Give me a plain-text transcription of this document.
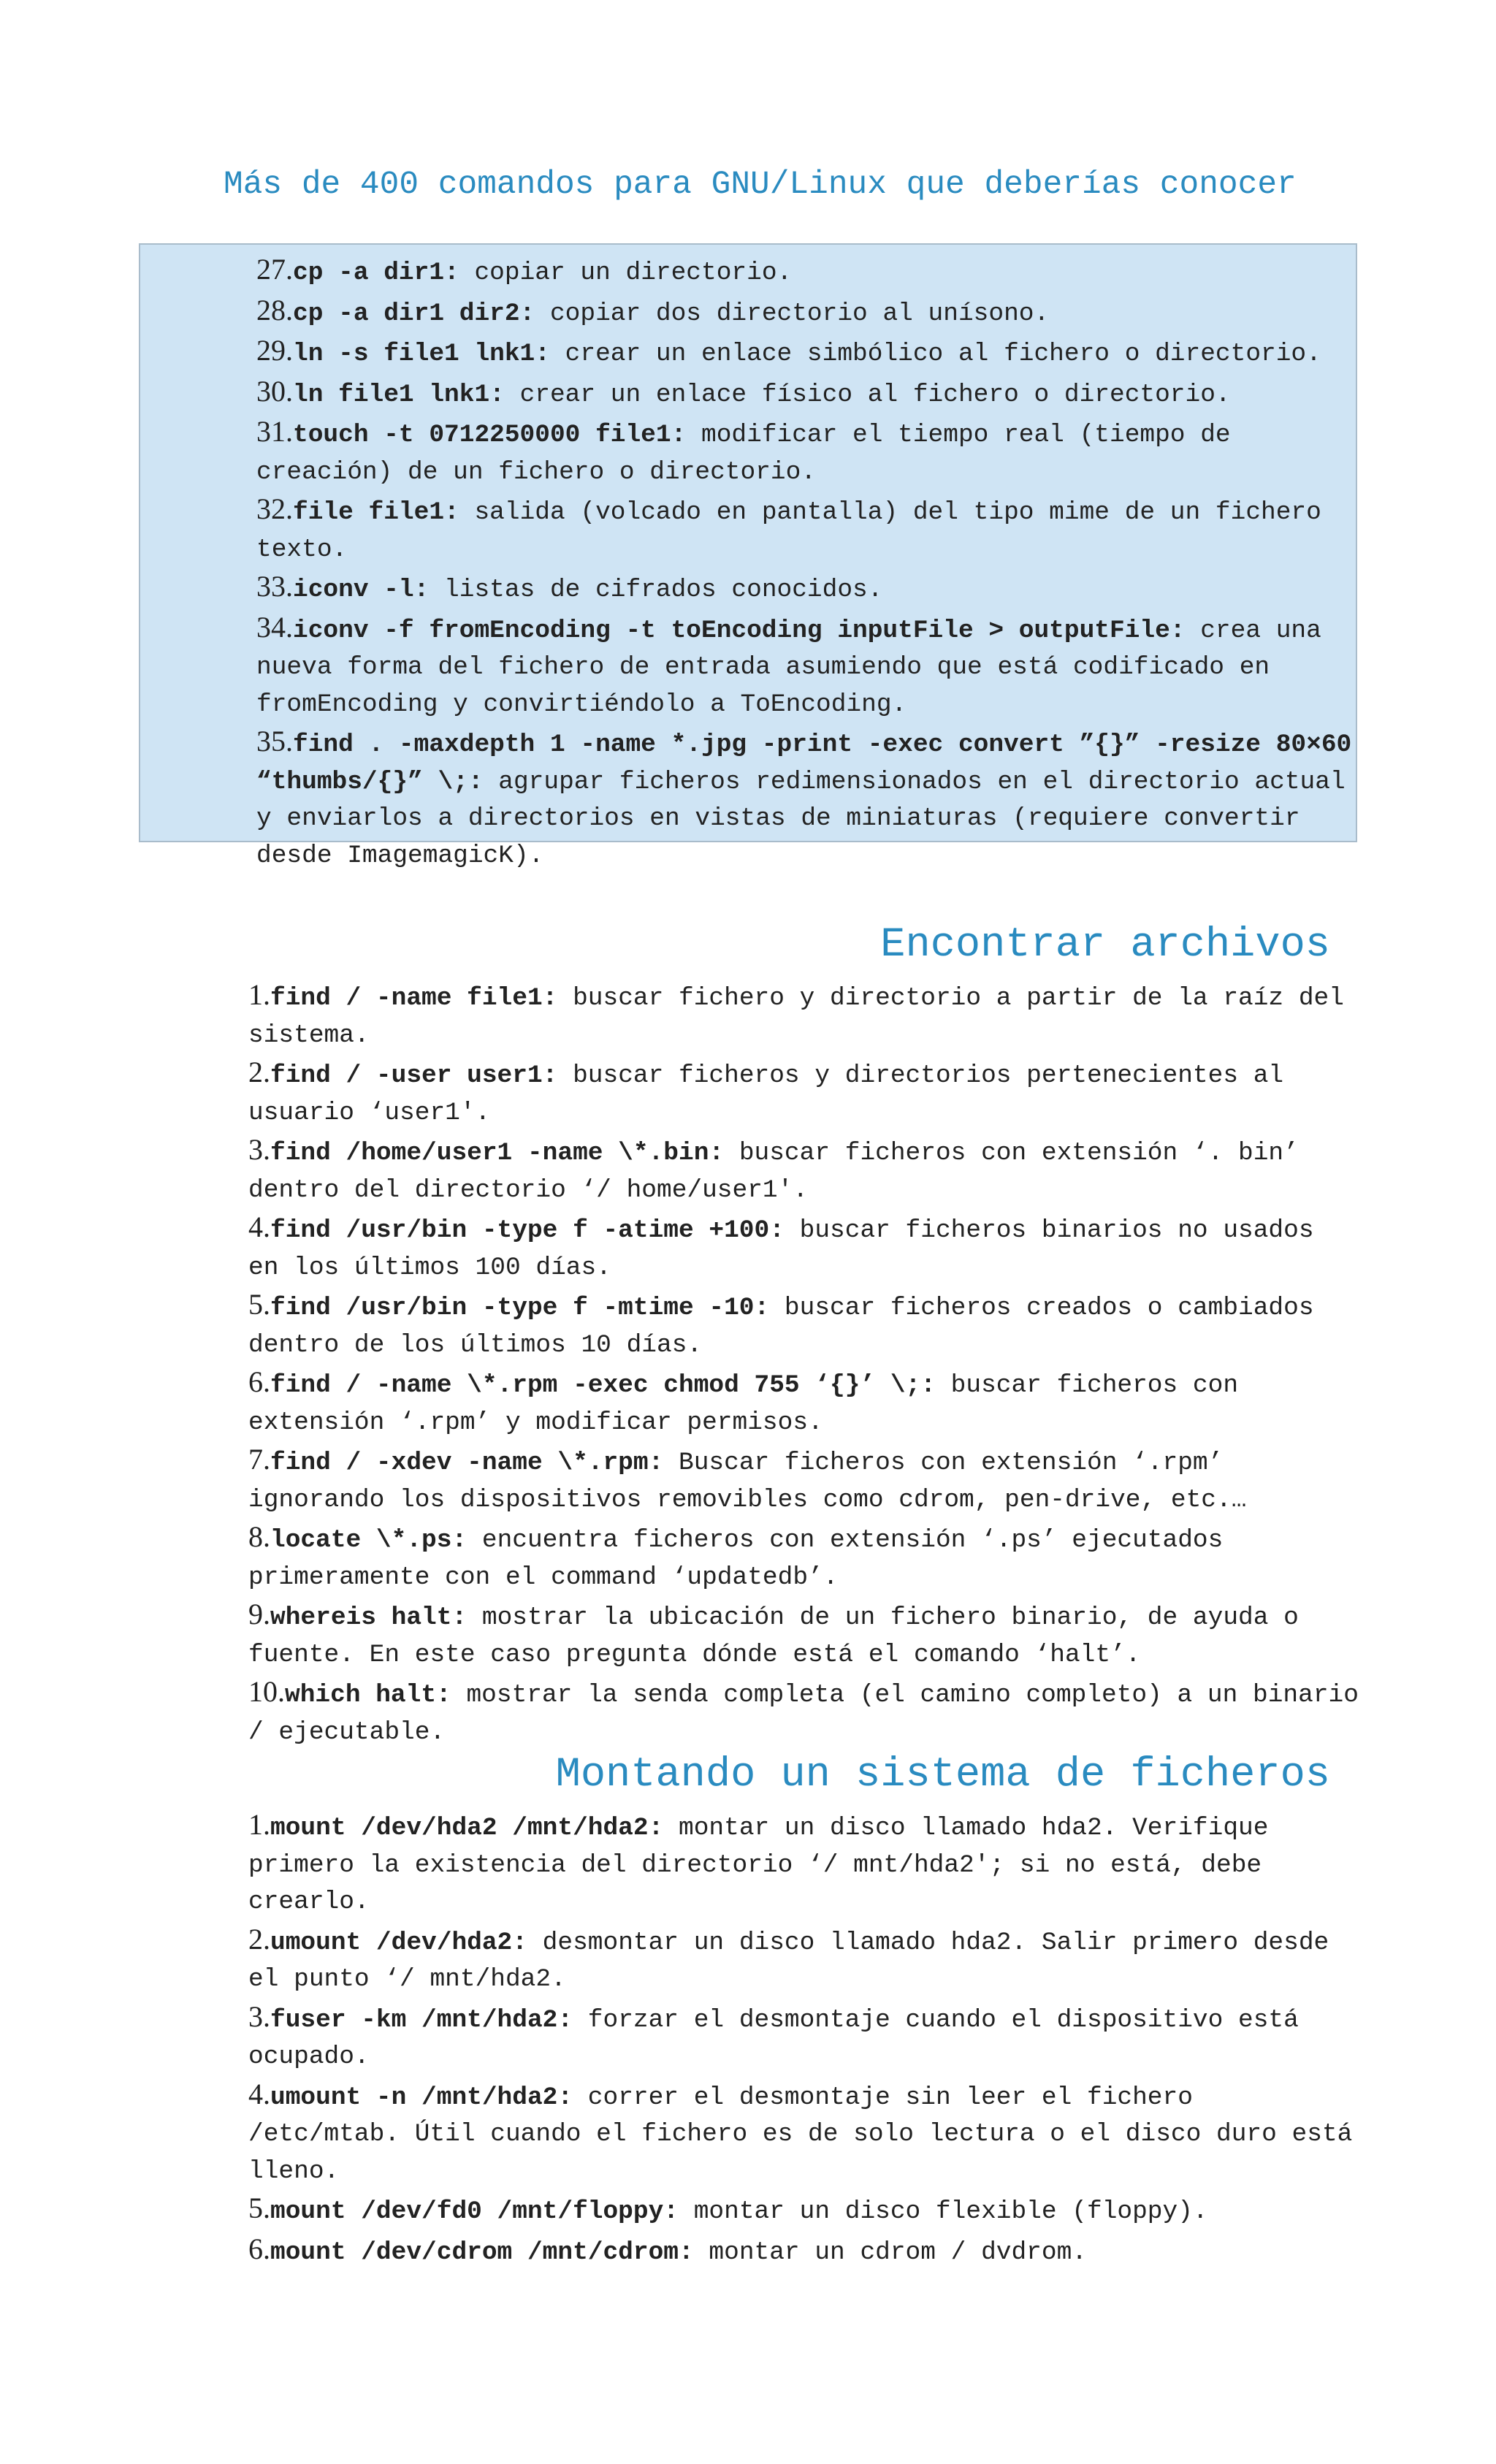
Más de 400 comandos para GNU/Linux que deberías conocer
27.cp -a dir1: copiar un directorio.
28.cp -a dir1 dir2: copiar dos directorio al unísono.
29.ln -s file1 lnk1: crear un enlace simbólico al fichero o directorio.
30.ln file1 lnk1: crear un enlace físico al fichero o directorio.
31.touch -t 0712250000 file1: modificar el tiempo real (tiempo de creación) de un fichero o directorio.
32.file file1: salida (volcado en pantalla) del tipo mime de un fichero texto.
33.iconv -l: listas de cifrados conocidos.
34.iconv -f fromEncoding -t toEncoding inputFile > outputFile: crea una nueva forma del fichero de entrada asumiendo que está codificado en fromEncoding y convirtiéndolo a ToEncoding.
35.find . -maxdepth 1 -name *.jpg -print -exec convert ”{}” -resize 80×60 “thumbs/{}” \;: agrupar ficheros redimensionados en el directorio actual y enviarlos a directorios en vistas de miniaturas (requiere convertir desde ImagemagicK).
Encontrar archivos
1.find / -name file1: buscar fichero y directorio a partir de la raíz del sistema.
2.find / -user user1: buscar ficheros y directorios pertenecientes al usuario ‘user1'.
3.find /home/user1 -name \*.bin: buscar ficheros con extensión ‘. bin’ dentro del directorio ‘/ home/user1'.
4.find /usr/bin -type f -atime +100: buscar ficheros binarios no usados en los últimos 100 días.
5.find /usr/bin -type f -mtime -10: buscar ficheros creados o cambiados dentro de los últimos 10 días.
6.find / -name \*.rpm -exec chmod 755 ‘{}’ \;: buscar ficheros con extensión ‘.rpm’ y modificar permisos.
7.find / -xdev -name \*.rpm: Buscar ficheros con extensión ‘.rpm’ ignorando los dispositivos removibles como cdrom, pen-drive, etc.…
8.locate \*.ps: encuentra ficheros con extensión ‘.ps’ ejecutados primeramente con el command ‘updatedb’.
9.whereis halt: mostrar la ubicación de un fichero binario, de ayuda o fuente. En este caso pregunta dónde está el comando ‘halt’.
10.which halt: mostrar la senda completa (el camino completo) a un binario / ejecutable.
Montando un sistema de ficheros
1.mount /dev/hda2 /mnt/hda2: montar un disco llamado hda2. Verifique primero la existencia del directorio ‘/ mnt/hda2'; si no está, debe crearlo.
2.umount /dev/hda2: desmontar un disco llamado hda2. Salir primero desde el punto ‘/ mnt/hda2.
3.fuser -km /mnt/hda2: forzar el desmontaje cuando el dispositivo está ocupado.
4.umount -n /mnt/hda2: correr el desmontaje sin leer el fichero /etc/mtab. Útil cuando el fichero es de solo lectura o el disco duro está lleno.
5.mount /dev/fd0 /mnt/floppy: montar un disco flexible (floppy).
6.mount /dev/cdrom /mnt/cdrom: montar un cdrom / dvdrom.
